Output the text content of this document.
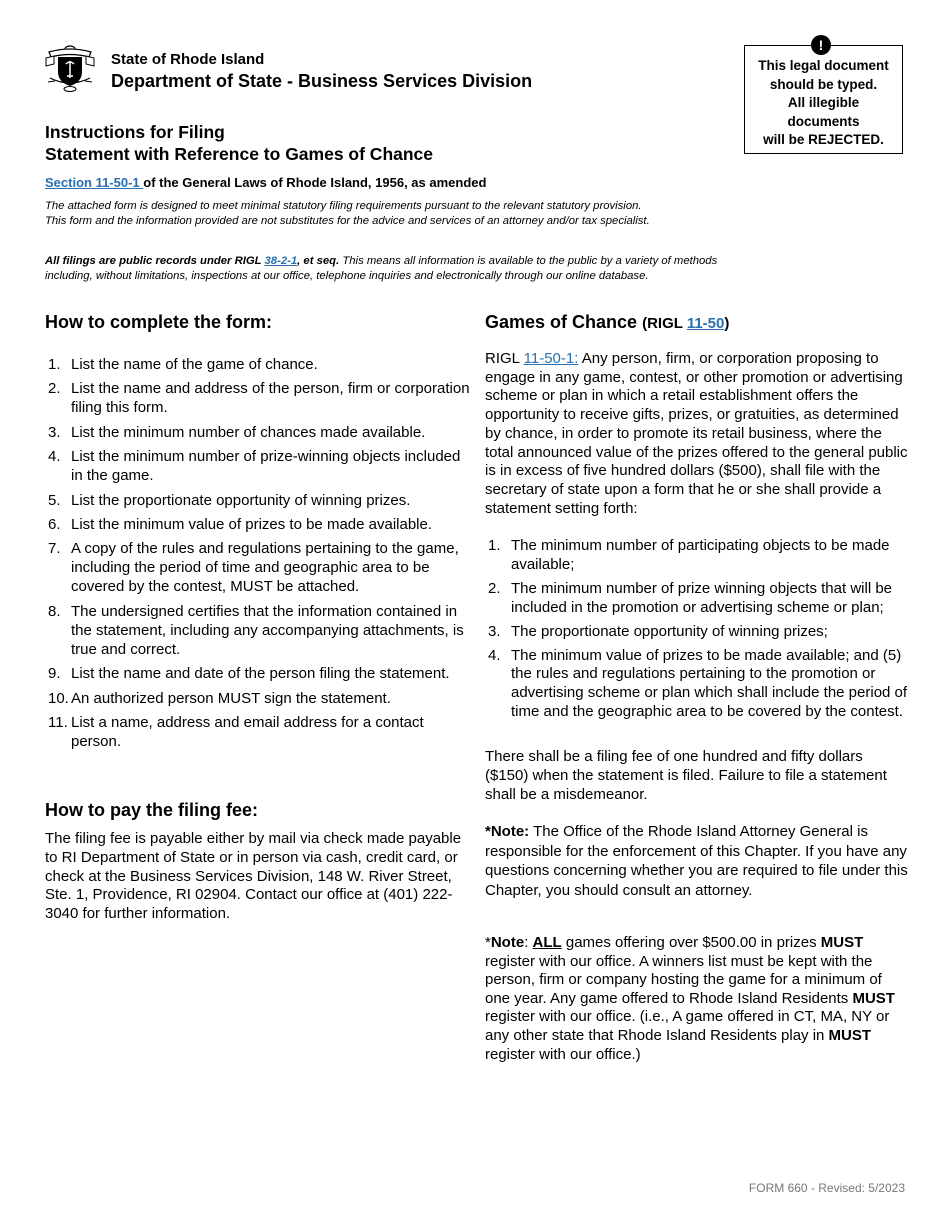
State of Rhode Island
Department of State - Business Services Division
!
This legal document
should be typed.
All illegible
documents
will be REJECTED.
Instructions for Filing
Statement with Reference to Games of Chance
Section 11-50-1 of the General Laws of Rhode Island, 1956, as amended
The attached form is designed to meet minimal statutory filing requirements pursuant to the relevant statutory provision.
This form and the information provided are not substitutes for the advice and services of an attorney and/or tax specialist.
All filings are public records under RIGL 38-2-1, et seq. This means all information is available to the public by a variety of methods
including, without limitations, inspections at our office, telephone inquiries and electronically through our online database.
How to complete the form:
1. List the name of the game of chance.
2. List the name and address of the person, firm or corporation filing this form.
3. List the minimum number of chances made available.
4. List the minimum number of prize-winning objects included in the game.
5. List the proportionate opportunity of winning prizes.
6. List the minimum value of prizes to be made available.
7. A copy of the rules and regulations pertaining to the game, including the period of time and geographic area to be covered by the contest, MUST be attached.
8. The undersigned certifies that the information contained in the statement, including any accompanying attachments, is true and correct.
9. List the name and date of the person filing the statement.
10. An authorized person MUST sign the statement.
11. List a name, address and email address for a contact person.
How to pay the filing fee:
The filing fee is payable either by mail via check made payable to RI Department of State or in person via cash, credit card, or check at the Business Services Division, 148 W. River Street, Ste. 1, Providence, RI 02904. Contact our office at (401) 222-3040 for further information.
Games of Chance (RIGL 11-50)
RIGL 11-50-1: Any person, firm, or corporation proposing to engage in any game, contest, or other promotion or advertising scheme or plan in which a retail establishment offers the opportunity to receive gifts, prizes, or gratuities, as determined by chance, in order to promote its retail business, where the total announced value of the prizes offered to the general public is in excess of five hundred dollars ($500), shall file with the secretary of state upon a form that he or she shall provide a statement setting forth:
1. The minimum number of participating objects to be made available;
2. The minimum number of prize winning objects that will be included in the promotion or advertising scheme or plan;
3. The proportionate opportunity of winning prizes;
4. The minimum value of prizes to be made available; and (5) the rules and regulations pertaining to the promotion or advertising scheme or plan which shall include the period of time and the geographic area to be covered by the contest.
There shall be a filing fee of one hundred and fifty dollars ($150) when the statement is filed. Failure to file a statement shall be a misdemeanor.
*Note: The Office of the Rhode Island Attorney General is responsible for the enforcement of this Chapter. If you have any questions concerning whether you are required to file under this Chapter, you should consult an attorney.
*Note: ALL games offering over $500.00 in prizes MUST register with our office. A winners list must be kept with the person, firm or company hosting the game for a minimum of one year. Any game offered to Rhode Island Residents MUST register with our office. (i.e., A game offered in CT, MA, NY or any other state that Rhode Island Residents play in MUST register with our office.)
FORM 660 - Revised: 5/2023
